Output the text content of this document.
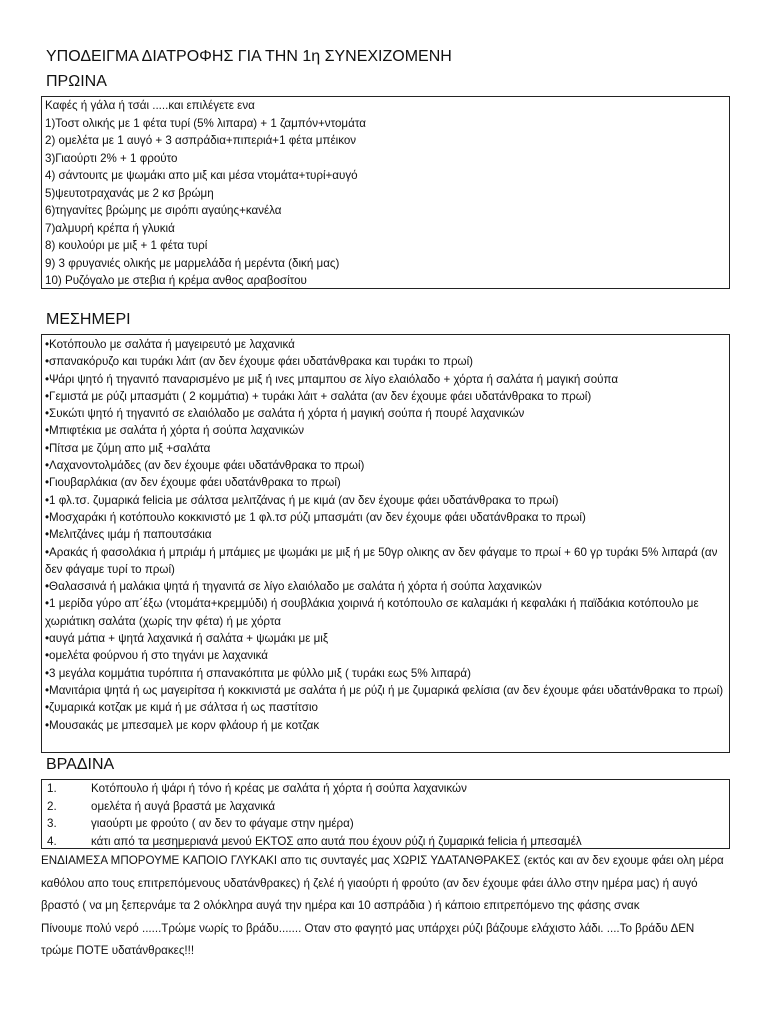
ΥΠΟΔΕΙΓΜΑ ΔΙΑΤΡΟΦΗΣ ΓΙΑ ΤΗΝ 1η ΣΥΝΕΧΙΖΟΜΕΝΗ
ΠΡΩΙΝΑ
Καφές ή γάλα ή τσάι .....και επιλέγετε ενα
1)Τοστ ολικής με 1 φέτα τυρί (5% λιπαρα) + 1 ζαμπόν+ντομάτα
2) ομελέτα με 1 αυγό + 3 ασπράδια+πιπεριά+1 φέτα μπέικον
3)Γιαούρτι 2% + 1 φρούτο
4) σάντουιτς με ψωμάκι απο μιξ και μέσα ντομάτα+τυρί+αυγό
5)ψευτοτραχανάς με 2 κσ βρώμη
6)τηγανίτες βρώμης με σιρόπι αγαύης+κανέλα
7)αλμυρή κρέπα ή γλυκιά
8) κουλούρι με μιξ + 1 φέτα τυρί
9) 3 φρυγανιές ολικής με μαρμελάδα ή μερέντα (δική μας)
10) Ρυζόγαλο με στεβια ή κρέμα ανθος αραβοσίτου
ΜΕΣΗΜΕΡΙ
•Κοτόπουλο με σαλάτα ή μαγειρευτό με λαχανικά
•σπανακόρυζο και τυράκι λάιτ (αν δεν έχουμε φάει υδατάνθρακα και τυράκι το πρωί)
•Ψάρι ψητό ή τηγανιτό παναρισμένο με μιξ ή ινες μπαμπου σε λίγο ελαιόλαδο + χόρτα ή σαλάτα ή μαγική σούπα
•Γεμιστά με ρύζι μπασμάτι ( 2 κομμάτια) + τυράκι λάιτ + σαλάτα (αν δεν έχουμε φάει υδατάνθρακα το πρωί)
•Συκώτι ψητό ή τηγανιτό σε ελαιόλαδο με σαλάτα ή χόρτα ή μαγική σούπα ή πουρέ λαχανικών
•Μπιφτέκια με σαλάτα ή χόρτα ή σούπα λαχανικών
•Πίτσα με ζύμη απο μιξ +σαλάτα
•Λαχανοντολμάδες (αν δεν έχουμε φάει υδατάνθρακα το πρωί)
•Γιουβαρλάκια (αν δεν έχουμε φάει υδατάνθρακα το πρωί)
•1 φλ.τσ. ζυμαρικά felicia με σάλτσα μελιτζάνας ή με κιμά (αν δεν έχουμε φάει υδατάνθρακα το πρωί)
•Μοσχαράκι ή κοτόπουλο κοκκινιστό με 1 φλ.τσ ρύζι μπασμάτι (αν δεν έχουμε φάει υδατάνθρακα το πρωί)
•Μελιτζάνες ιμάμ ή παπουτσάκια
•Αρακάς ή φασολάκια ή μπριάμ ή μπάμιες με ψωμάκι με μιξ ή με 50γρ ολικης αν δεν φάγαμε το πρωί + 60 γρ τυράκι 5% λιπαρά (αν δεν φάγαμε τυρί το πρωί)
•Θαλασσινά ή μαλάκια ψητά ή τηγανιτά σε λίγο ελαιόλαδο με σαλάτα ή χόρτα ή σούπα λαχανικών
•1 μερίδα γύρο απ΄έξω (ντομάτα+κρεμμύδι) ή σουβλάκια χοιρινά ή κοτόπουλο σε καλαμάκι ή κεφαλάκι ή παϊδάκια κοτόπουλο με χωριάτικη σαλάτα (χωρίς την φέτα) ή με χόρτα
•αυγά μάτια + ψητά λαχανικά ή σαλάτα + ψωμάκι με μιξ
•ομελέτα φούρνου ή στο τηγάνι με λαχανικά
•3 μεγάλα κομμάτια τυρόπιτα ή σπανακόπιτα με φύλλο μιξ ( τυράκι εως 5% λιπαρά)
•Μανιτάρια ψητά ή ως μαγειρίτσα ή κοκκινιστά με σαλάτα ή με ρύζι ή με ζυμαρικά φελίσια (αν δεν έχουμε φάει υδατάνθρακα το πρωί)
•ζυμαρικά κοτζακ με κιμά ή με σάλτσα ή ως παστίτσιο
•Μουσακάς με μπεσαμελ με κορν φλάουρ ή με κοτζακ
ΒΡΑΔΙΝΑ
1.	Κοτόπουλο ή ψάρι ή τόνο ή κρέας με σαλάτα ή χόρτα ή σούπα λαχανικών
2.	ομελέτα ή αυγά βραστά με λαχανικά
3.	γιαούρτι με φρούτο ( αν δεν το φάγαμε στην ημέρα)
4.	κάτι από τα μεσημεριανά μενού ΕΚΤΟΣ απο αυτά που έχουν ρύζι ή ζυμαρικά felicia ή μπεσαμέλ

ΕΝΔΙΑΜΕΣΑ ΜΠΟΡΟΥΜΕ ΚΑΠΟΙΟ ΓΛΥΚΑΚΙ απο τις συνταγές μας ΧΩΡΙΣ ΥΔΑΤΑΝΘΡΑΚΕΣ (εκτός και αν δεν εχουμε φάει ολη μέρα καθόλου απο τους επιτρεπόμενους υδατάνθρακες) ή ζελέ ή γιαούρτι ή φρούτο (αν δεν έχουμε φάει άλλο στην ημέρα μας) ή αυγό βραστό ( να μη ξεπερνάμε τα 2 ολόκληρα αυγά την ημέρα και 10 ασπράδια ) ή κάποιο επιτρεπόμενο της φάσης σνακ

Πίνουμε πολύ νερό ......Τρώμε νωρίς το βράδυ....... Οταν στο φαγητό μας υπάρχει ρύζι βάζουμε ελάχιστο λάδι. ....Το βράδυ ΔΕΝ τρώμε ΠΟΤΕ υδατάνθρακες!!!
